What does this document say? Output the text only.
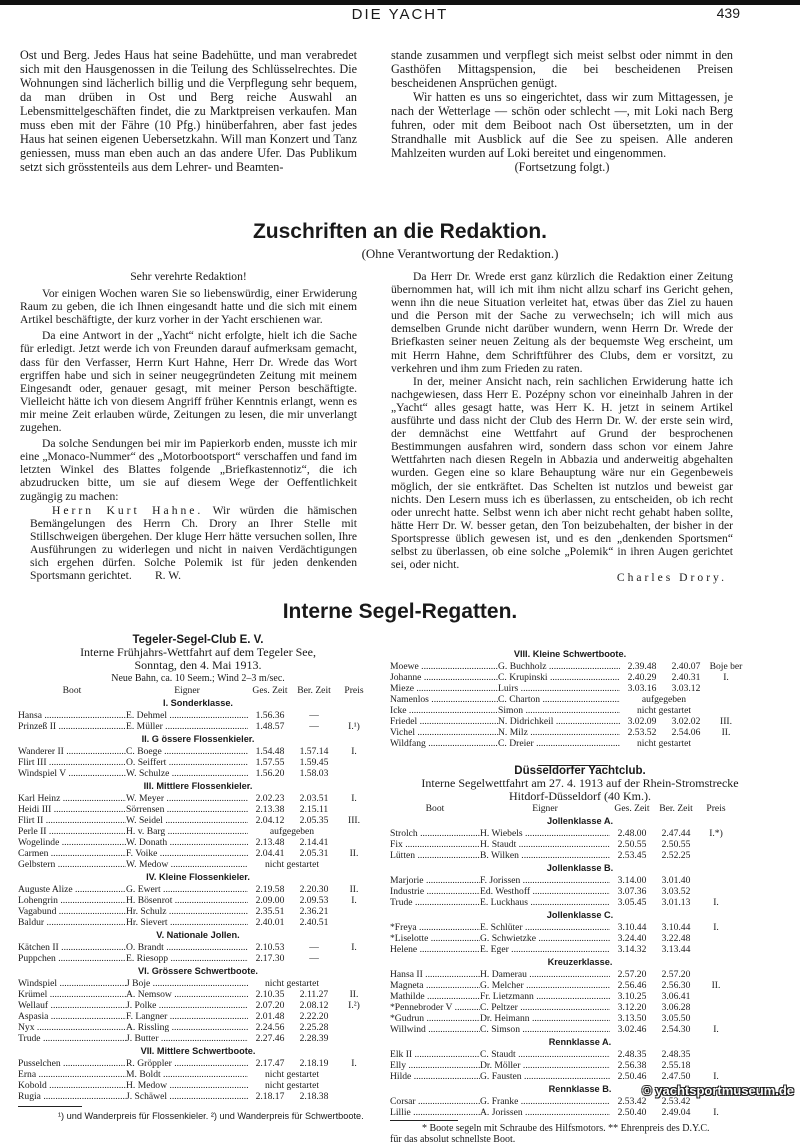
DIE YACHT	439

Ost und Berg. Jedes Haus hat seine Badehütte, und man verabredet sich mit den Hausgenossen in die Teilung des Schlüsselrechtes. Die Wohnungen sind lächerlich billig und die Verpflegung sehr bequem, da man drüben in Ost und Berg reiche Auswahl an Lebensmittelgeschäften findet, die zu Marktpreisen verkaufen. Man muss eben mit der Fähre (10 Pfg.) hinüberfahren, aber fast jedes Haus hat seinen eigenen Uebersetzkahn. Will man Konzert und Tanz geniessen, muss man eben auch an das andere Ufer. Das Publikum setzt sich grösstenteils aus dem Lehrer- und Beamten-

stande zusammen und verpflegt sich meist selbst oder nimmt in den Gasthöfen Mittagspension, die bei bescheidenen Preisen bescheidenen Ansprüchen genügt.

Wir hatten es uns so eingerichtet, dass wir zum Mittagessen, je nach der Wetterlage — schön oder schlecht —, mit Loki nach Berg fuhren, oder mit dem Beiboot nach Ost übersetzten, um in der Strandhalle mit Ausblick auf die See zu speisen. Alle anderen Mahlzeiten wurden auf Loki bereitet und eingenommen.

(Fortsetzung folgt.)

Zuschriften an die Redaktion.
(Ohne Verantwortung der Redaktion.)

Sehr verehrte Redaktion!

Vor einigen Wochen waren Sie so liebenswürdig, einer Erwiderung Raum zu geben, die ich Ihnen eingesandt hatte und die sich mit einem Artikel beschäftigte, der kurz vorher in der Yacht erschienen war.

Da eine Antwort in der „Yacht“ nicht erfolgte, hielt ich die Sache für erledigt. Jetzt werde ich von Freunden darauf aufmerksam gemacht, dass für den Verfasser, Herrn Kurt Hahne, Herr Dr. Wrede das Wort ergriffen habe und sich in seiner neugegründeten Zeitung mit meinem Eingesandt oder, genauer gesagt, mit meiner Person beschäftigte. Vielleicht hätte ich von diesem Angriff früher Kenntnis erlangt, wenn es mir meine Zeit erlauben würde, Zeitungen zu lesen, die mir unverlangt zugehen.

Da solche Sendungen bei mir im Papierkorb enden, musste ich mir eine „Monaco-Nummer“ des „Motorbootsport“ verschaffen und fand im letzten Winkel des Blattes folgende „Briefkastennotiz“, die ich abzudrucken bitte, um sie auf diesem Wege der Oeffentlichkeit zugängig zu machen:

Herrn Kurt Hahne. Wir würden die hämischen Bemängelungen des Herrn Ch. Drory an Ihrer Stelle mit Stillschweigen übergehen. Der kluge Herr hätte versuchen sollen, Ihre Ausführungen zu widerlegen und nicht in naiven Verdächtigungen sich ergehen dürfen. Solche Polemik ist für jeden denkenden Sportsmann gerichtet. R. W.

Da Herr Dr. Wrede erst ganz kürzlich die Redaktion einer Zeitung übernommen hat, will ich mit ihm nicht allzu scharf ins Gericht gehen, wenn ihn die neue Situation verleitet hat, etwas über das Ziel zu hauen und die Person mit der Sache zu verwechseln; ich will mich aus demselben Grunde nicht darüber wundern, wenn Herrn Dr. Wrede der Briefkasten seiner neuen Zeitung als der bequemste Weg erscheint, um mit Herrn Hahne, dem Schriftführer des Clubs, dem er vorsitzt, zu verkehren und ihm zum Frieden zu raten.

In der, meiner Ansicht nach, rein sachlichen Erwiderung hatte ich nachgewiesen, dass Herr E. Pozépny schon vor eineinhalb Jahren in der „Yacht“ alles gesagt hatte, was Herr K. H. jetzt in seinem Artikel ausführte und dass nicht der Club des Herrn Dr. W. der erste sein wird, der demnächst eine Wettfahrt auf Grund der besprochenen Bestimmungen ausfahren wird, sondern dass schon vor einem Jahre Wettfahrten nach diesen Regeln in Abbazia und anderweitig abgehalten wurden. Gegen eine so klare Behauptung wäre nur ein Gegenbeweis möglich, der sie entkräftet. Das Schelten ist nutzlos und beweist gar nichts. Den Lesern muss ich es überlassen, zu entscheiden, ob ich recht oder unrecht hatte. Selbst wenn ich aber nicht recht gehabt haben sollte, hätte Herr Dr. W. besser getan, den Ton beizubehalten, der bisher in der Sportspresse üblich gewesen ist, und es den „denkenden Sportsmen“ selbst zu überlassen, ob eine solche „Polemik“ in ihren Augen gerichtet sei, oder nicht.

Charles Drory.

Interne Segel-Regatten.
Tegeler-Segel-Club E. V.
Interne Frühjahrs-Wettfahrt auf dem Tegeler See,
Sonntag, den 4. Mai 1913.
Neue Bahn, ca. 10 Seem.; Wind 2–3 m/sec.
Boot	Eigner	Ges. Zeit	Ber. Zeit	Preis
I. Sonderklasse.
Hansa .....	E. Dehmel .....	1.56.36	—
Prinzeß II .....	E. Müller .....	1.48.57	—	I.¹)
II. G össere Flossenkieler.
Wanderer II .....	C. Boege .....	1.54.48	1.57.14	I.
Flirt III .....	O. Seiffert .....	1.57.55	1.59.45
Windspiel V .....	W. Schulze .....	1.56.20	1.58.03
III. Mittlere Flossenkieler.
Karl Heinz .....	W. Meyer .....	2.02.23	2.03.51	I.
Heidi III .....	Sörrensen .....	2.13.38	2.15.11
Flirt II .....	W. Seidel .....	2.04.12	2.05.35	III.
Perle II .....	H. v. Barg .....	aufgegeben
Wogelinde .....	W. Donath .....	2.13.48	2.14.41
Carmen .....	F. Voike .....	2.04.41	2.05.31	II.
Gelbstern .....	W. Medow .....	nicht gestartet
IV. Kleine Flossenkieler.
Auguste Alize .....	G. Ewert .....	2.19.58	2.20.30	II.
Lohengrin .....	H. Bösenrot .....	2.09.00	2.09.53	I.
Vagabund .....	Hr. Schulz .....	2.35.51	2.36.21
Baldur .....	Hr. Sievert .....	2.40.01	2.40.51
V. Nationale Jollen.
Kätchen II .....	O. Brandt .....	2.10.53	—	I.
Puppchen .....	E. Riesopp .....	2.17.30	—
VI. Grössere Schwertboote.
Windspiel .....	J Boje .....	nicht gestartet
Krümel .....	A. Nemsow .....	2.10.35	2.11.27	II.
Wellauf .....	J. Polke .....	2.07.20	2.08.12	I.²)
Aspasia .....	F. Langner .....	2.01.48	2.22.20
Nyx .....	A. Rissling .....	2.24.56	2.25.28
Trude .....	J. Butter .....	2.27.46	2.28.39
VII. Mittlere Schwertboote.
Pusselchen .....	R. Gröppler .....	2.17.47	2.18.19	I.
Erna .....	M. Boldt .....	nicht gestartet
Kobold .....	H. Medow .....	nicht gestartet
Rugia .....	J. Schäwel .....	2.18.17	2.18.38
¹) und Wanderpreis für Flossenkieler. ²) und Wanderpreis für Schwertboote.
VIII. Kleine Schwertboote.
Moewe .....	G. Buchholz .....	2.39.48	2.40.07 Boje ber
Johanne .....	C. Krupinski .....	2.40.29	2.40.31	I.
Mieze .....	Luirs .....	3.03.16	3.03.12
Namenlos .....	C. Charton .....	aufgegeben
Icke .....	Simon .....	nicht gestartet
Friedel .....	N. Didrichkeil .....	3.02.09	3.02.02	III.
Vichel .....	N. Milz .....	2.53.52	2.54.06	II.
Wildfang .....	C. Dreier .....	nicht gestartet
Düsseldorfer Yachtclub.
Interne Segelwettfahrt am 27. 4. 1913 auf der Rhein-Stromstrecke
Hitdorf-Düsseldorf (40 Km.).
Boot	Eigner	Ges. Zeit	Ber. Zeit	Preis
Jollenklasse A.
Strolch .....	H. Wiebels .....	2.48.00	2.47.44	I.*)
Fix .....	H. Staudt .....	2.50.55	2.50.55
Lütten .....	B. Wilken .....	2.53.45	2.52.25
Jollenklasse B.
Marjorie .....	F. Jorissen .....	3.14.00	3.01.40
Industrie .....	Ed. Westhoff .....	3.07.36	3.03.52
Trude .....	E. Luckhaus .....	3.05.45	3.01.13	I.
Jollenklasse C.
*Freya .....	E. Schlüter .....	3.10.44	3.10.44	I.
*Liselotte .....	G. Schwietzke .....	3.24.40	3.22.48
Helene .....	E. Eger .....	3.14.32	3.13.44
Kreuzerklasse.
Hansa II .....	H. Damerau .....	2.57.20	2.57.20
Magneta .....	G. Melcher .....	2.56.46	2.56.30	II.
Mathilde .....	Fr. Lietzmann .....	3.10.25	3.06.41
*Pennebroder V .....	C. Peltzer .....	3.12.20	3.06.28
*Gudrun .....	Dr. Heimann .....	3.13.50	3.05.50
Willwind .....	C. Simson .....	3.02.46	2.54.30	I.
Rennklasse A.
Elk II .....	C. Staudt .....	2.48.35	2.48.35
Elly .....	Dr. Möller .....	2.56.38	2.55.18
Hilde .....	G. Fausten .....	2.50.46	2.47.50	I.
Rennklasse B.
Corsar .....	G. Franke .....	2.53.42	2.53.42
Lillie .....	A. Jorissen .....	2.50.40	2.49.04	I.
* Boote segeln mit Schraube des Hilfsmotors. ** Ehrenpreis des D.Y.C.
für das absolut schnellste Boot.
© yachtsportmuseum.de
